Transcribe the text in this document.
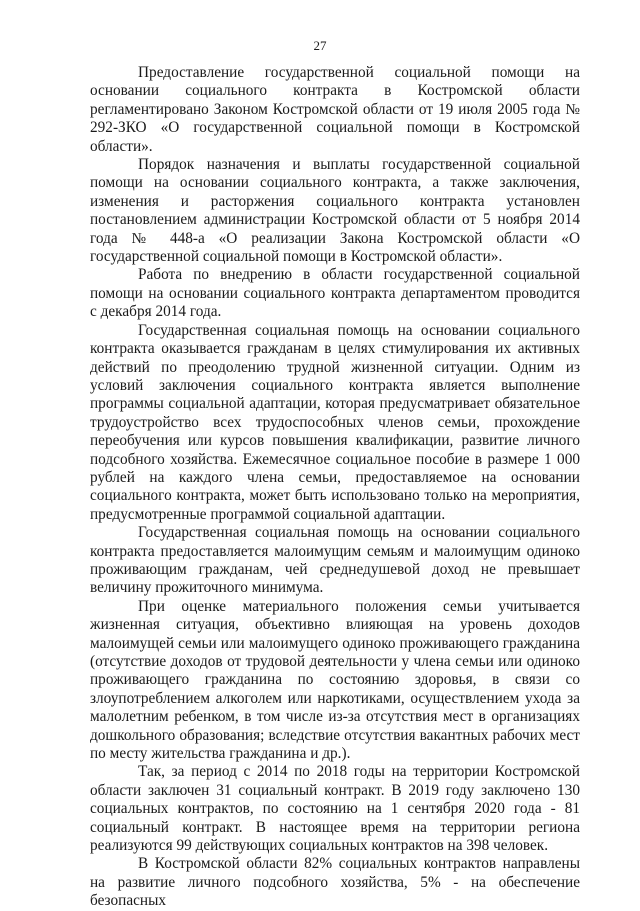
27

Предоставление государственной социальной помощи на основании социального контракта в Костромской области регламентировано Законом Костромской области от 19 июля 2005 года № 292-ЗКО «О государственной социальной помощи в Костромской области».

Порядок назначения и выплаты государственной социальной помощи на основании социального контракта, а также заключения, изменения и расторжения социального контракта установлен постановлением администрации Костромской области от 5 ноября 2014 года № 448-а «О реализации Закона Костромской области «О государственной социальной помощи в Костромской области».

Работа по внедрению в области государственной социальной помощи на основании социального контракта департаментом проводится с декабря 2014 года.

Государственная социальная помощь на основании социального контракта оказывается гражданам в целях стимулирования их активных действий по преодолению трудной жизненной ситуации. Одним из условий заключения социального контракта является выполнение программы социальной адаптации, которая предусматривает обязательное трудоустройство всех трудоспособных членов семьи, прохождение переобучения или курсов повышения квалификации, развитие личного подсобного хозяйства. Ежемесячное социальное пособие в размере 1 000 рублей на каждого члена семьи, предоставляемое на основании социального контракта, может быть использовано только на мероприятия, предусмотренные программой социальной адаптации.

Государственная социальная помощь на основании социального контракта предоставляется малоимущим семьям и малоимущим одиноко проживающим гражданам, чей среднедушевой доход не превышает величину прожиточного минимума.

При оценке материального положения семьи учитывается жизненная ситуация, объективно влияющая на уровень доходов малоимущей семьи или малоимущего одиноко проживающего гражданина (отсутствие доходов от трудовой деятельности у члена семьи или одиноко проживающего гражданина по состоянию здоровья, в связи со злоупотреблением алкоголем или наркотиками, осуществлением ухода за малолетним ребенком, в том числе из-за отсутствия мест в организациях дошкольного образования; вследствие отсутствия вакантных рабочих мест по месту жительства гражданина и др.).

Так, за период с 2014 по 2018 годы на территории Костромской области заключен 31 социальный контракт. В 2019 году заключено 130 социальных контрактов, по состоянию на 1 сентября 2020 года - 81 социальный контракт. В настоящее время на территории региона реализуются 99 действующих социальных контрактов на 398 человек.

В Костромской области 82% социальных контрактов направлены на развитие личного подсобного хозяйства, 5% - на обеспечение безопасных
